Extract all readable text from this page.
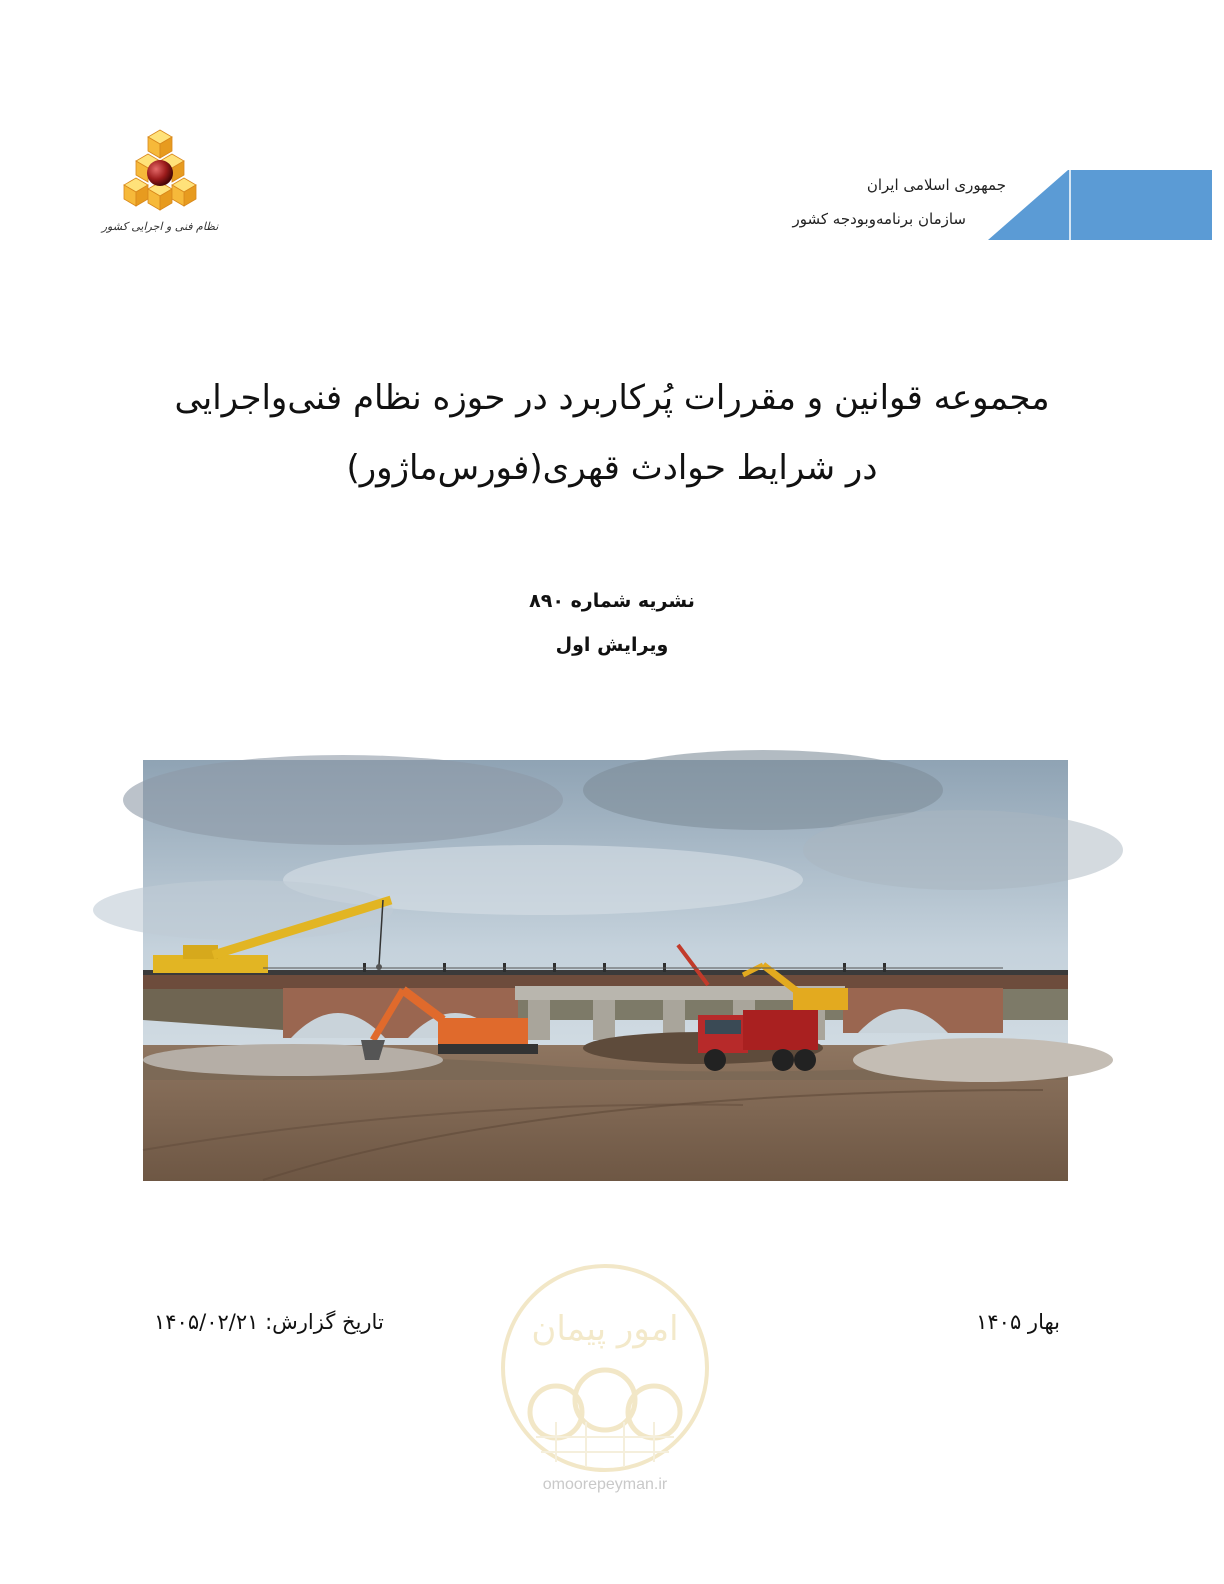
جمهوری اسلامی ایران
سازمان برنامه‌وبودجه کشور
نظام فنی و اجرایی کشور
مجموعه قوانین و مقررات پُرکاربرد در حوزه نظام فنی‌واجرایی
در شرایط حوادث قهری(فورس‌ماژور)
نشریه شماره ۸۹۰
ویرایش اول
بهار ۱۴۰۵
تاریخ گزارش: ۱۴۰۵/۰۲/۲۱	امور پیمان
omoorepeyman.ir
